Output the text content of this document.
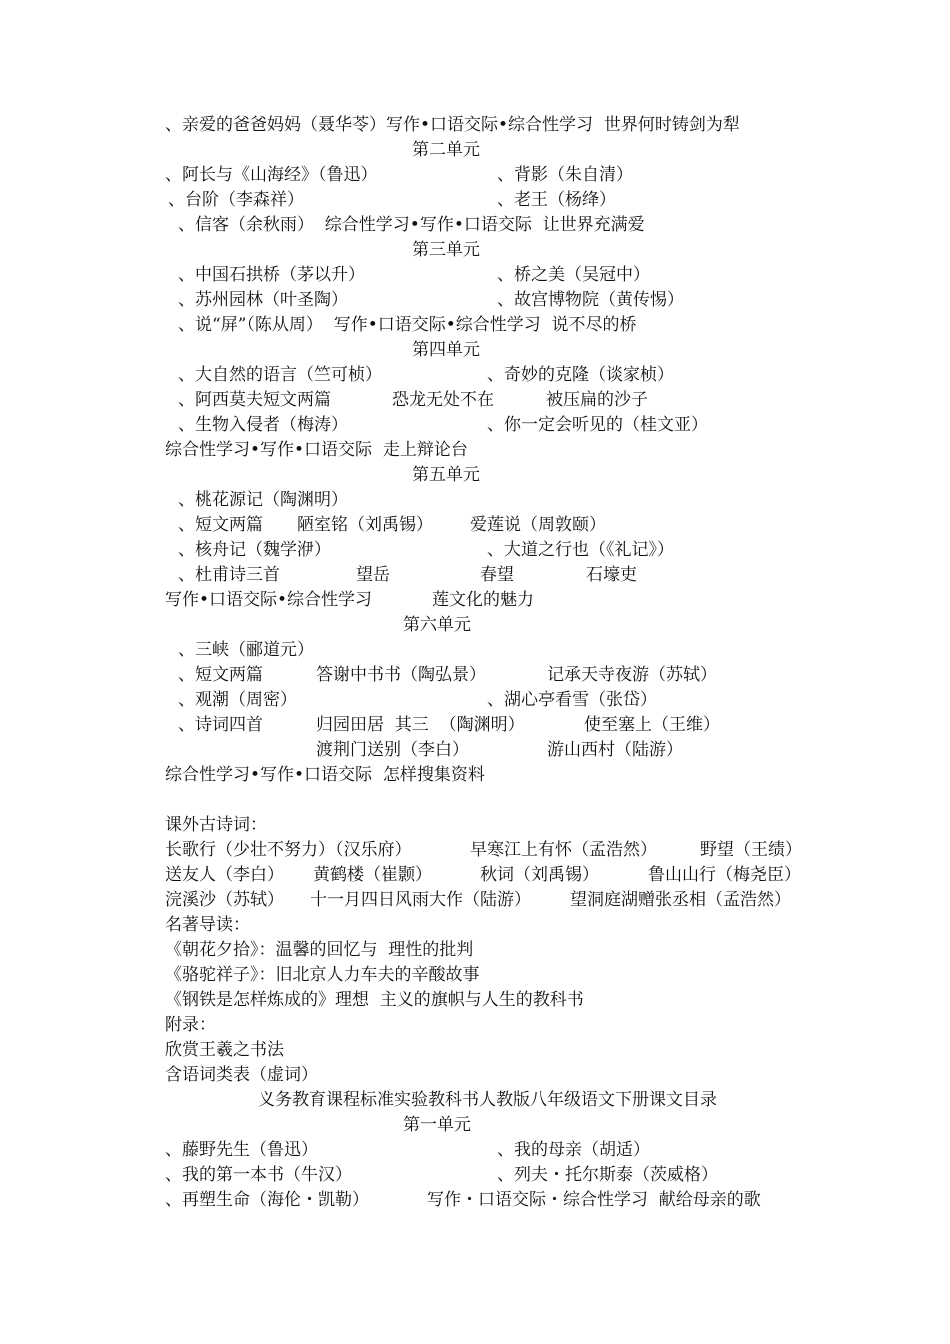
、亲爱的爸爸妈妈（聂华苓）写作•口语交际•综合性学习  世界何时铸剑为犁
第二单元
、阿长与《山海经》（鲁迅）	、背影（朱自清）
、台阶（李森祥）	、老王（杨绛）
、信客（余秋雨）  综合性学习•写作•口语交际  让世界充满爱
第三单元
、中国石拱桥（茅以升）	、桥之美（吴冠中）
、苏州园林（叶圣陶）	、故宫博物院（黄传惕）
、说“屏”（陈从周）  写作•口语交际•综合性学习  说不尽的桥
第四单元
、大自然的语言（竺可桢）	、奇妙的克隆（谈家桢）
、阿西莫夫短文两篇	恐龙无处不在	被压扁的沙子
、生物入侵者（梅涛）	、你一定会听见的（桂文亚）
综合性学习•写作•口语交际  走上辩论台
第五单元
、桃花源记（陶渊明）
、短文两篇 陋室铭（刘禹锡） 爱莲说（周敦颐）
、核舟记（魏学洢）	、大道之行也（《礼记》）
、杜甫诗三首	望岳	春望	石壕吏
写作•口语交际•综合性学习	莲文化的魅力
第六单元
、三峡（郦道元）
、短文两篇	答谢中书书（陶弘景）	记承天寺夜游（苏轼）
、观潮（周密）	、湖心亭看雪（张岱）
、诗词四首	归园田居  其三  （陶渊明）	使至塞上（王维）
渡荆门送别（李白）	游山西村（陆游）
综合性学习•写作•口语交际  怎样搜集资料
课外古诗词：
长歌行（少壮不努力）（汉乐府）	早寒江上有怀（孟浩然）	野望（王绩）
送友人（李白） 黄鹤楼（崔颢）	秋词（刘禹锡）	鲁山山行（梅尧臣）
浣溪沙（苏轼） 十一月四日风雨大作（陆游） 望洞庭湖赠张丞相（孟浩然）
名著导读：
《朝花夕拾》：温馨的回忆与  理性的批判
《骆驼祥子》：旧北京人力车夫的辛酸故事
《钢铁是怎样炼成的》理想  主义的旗帜与人生的教科书
附录：
欣赏王羲之书法
含语词类表（虚词）
义务教育课程标准实验教科书人教版八年级语文下册课文目录
第一单元
、藤野先生（鲁迅）	、我的母亲（胡适）
、我的第一本书（牛汉）	、列夫・托尔斯泰（茨威格）
、再塑生命（海伦・凯勒）	写作・口语交际・综合性学习  献给母亲的歌
